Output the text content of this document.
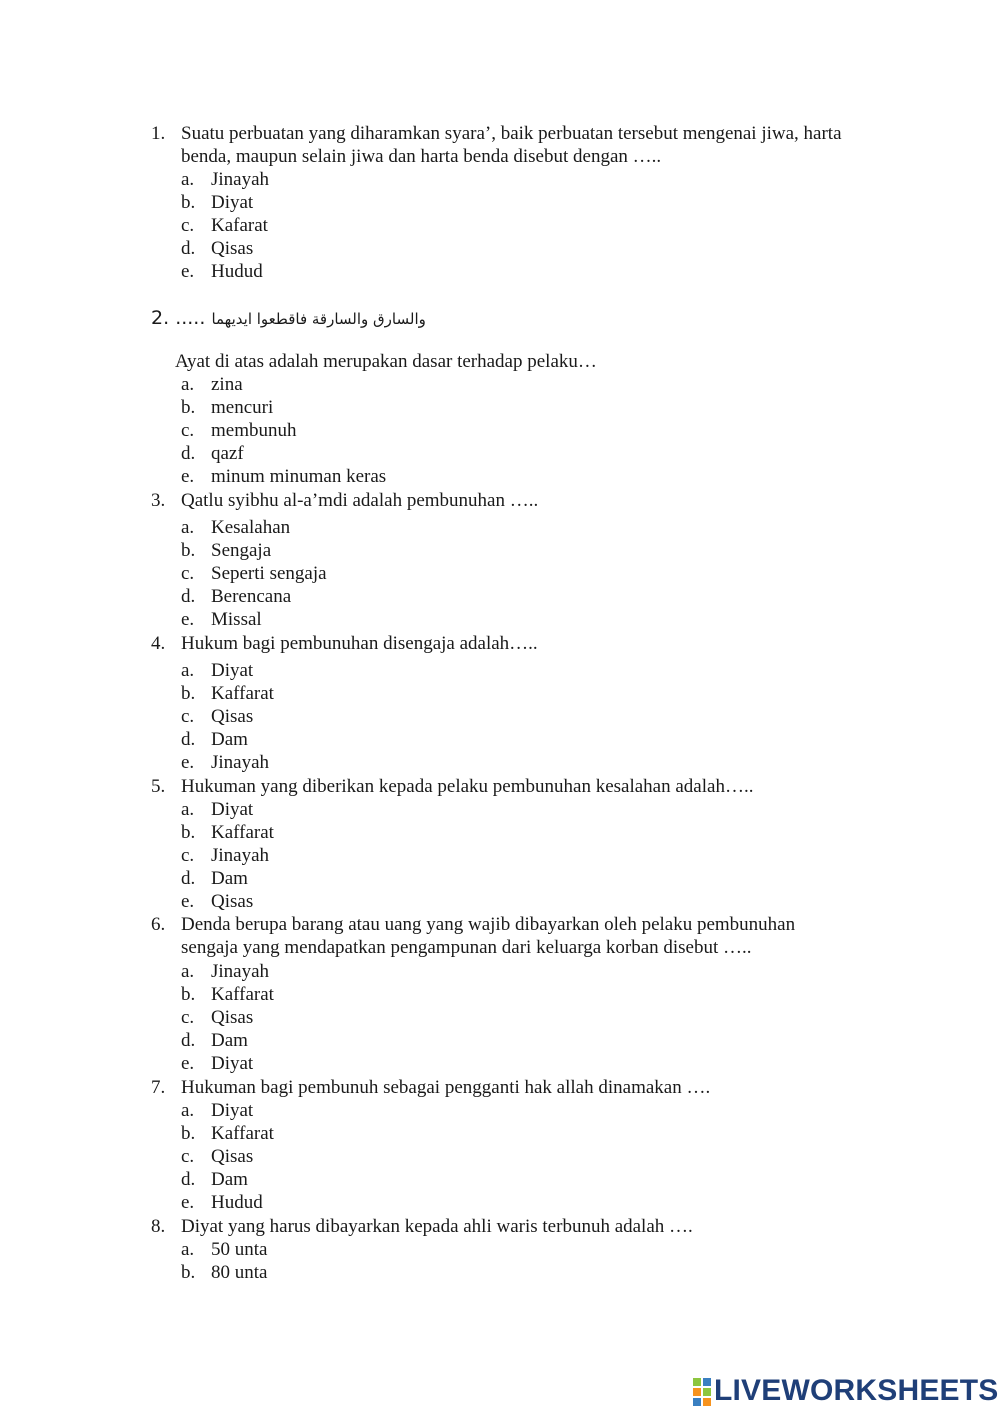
1. Suatu perbuatan yang diharamkan syara’, baik perbuatan tersebut mengenai jiwa, harta
benda, maupun selain jiwa dan harta benda disebut dengan …..
a. Jinayah
b. Diyat
c. Kafarat
d. Qisas
e. Hudud
2. ..... والسارق والسارقة فاقطعوا ايديهما
Ayat di atas adalah merupakan dasar terhadap pelaku…
a. zina
b. mencuri
c. membunuh
d. qazf
e. minum minuman keras
3. Qatlu syibhu al-a’mdi adalah pembunuhan …..
a. Kesalahan
b. Sengaja
c. Seperti sengaja
d. Berencana
e. Missal
4. Hukum bagi pembunuhan disengaja adalah…..
a. Diyat
b. Kaffarat
c. Qisas
d. Dam
e. Jinayah
5. Hukuman yang diberikan kepada pelaku pembunuhan kesalahan adalah…..
a. Diyat
b. Kaffarat
c. Jinayah
d. Dam
e. Qisas
6. Denda berupa barang atau uang yang wajib dibayarkan oleh pelaku pembunuhan
sengaja yang mendapatkan pengampunan dari keluarga korban disebut …..
a. Jinayah
b. Kaffarat
c. Qisas
d. Dam
e. Diyat
7. Hukuman bagi pembunuh sebagai pengganti hak allah dinamakan ….
a. Diyat
b. Kaffarat
c. Qisas
d. Dam
e. Hudud
8. Diyat yang harus dibayarkan kepada ahli waris terbunuh adalah ….
a. 50 unta
b. 80 unta
LIVEWORKSHEETS
